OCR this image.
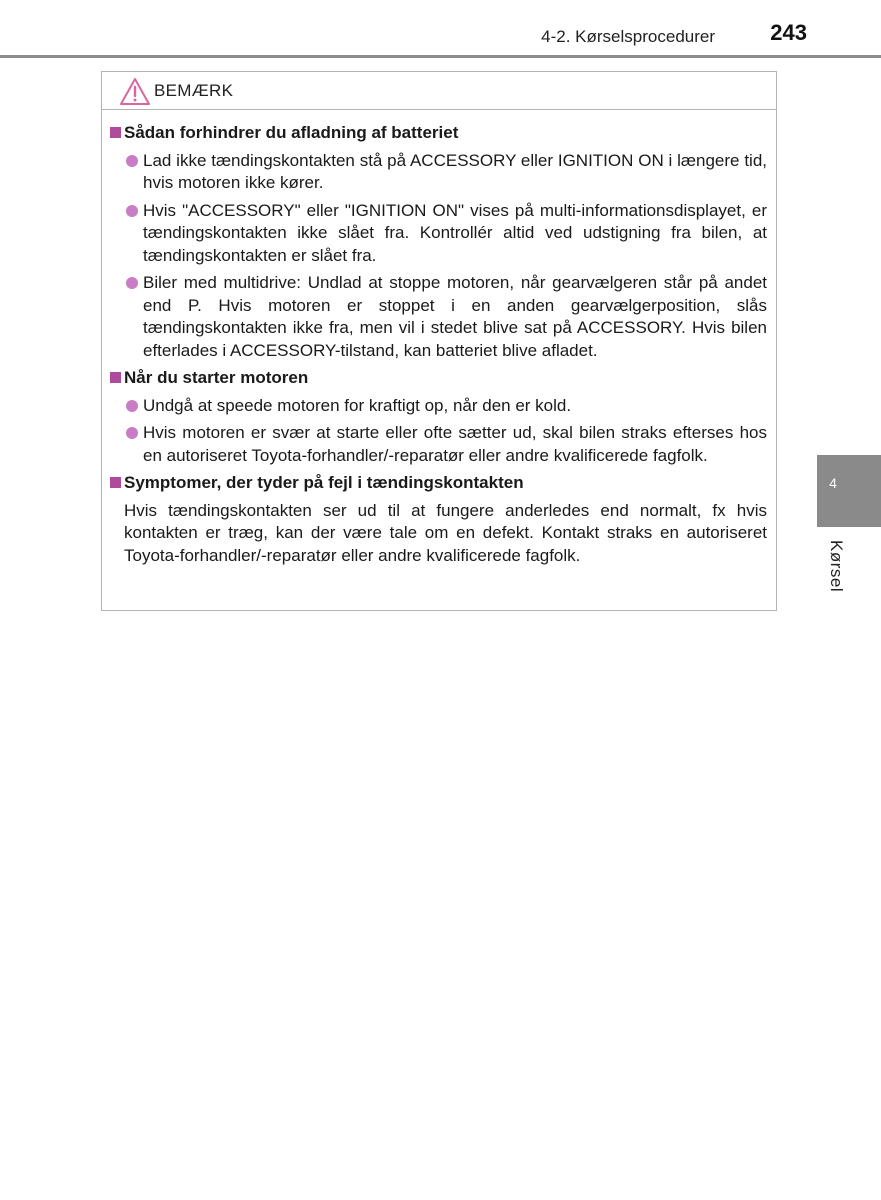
4-2. Kørselsprocedurer	243
BEMÆRK
Sådan forhindrer du afladning af batteriet
Lad ikke tændingskontakten stå på ACCESSORY eller IGNITION ON i længere tid, hvis motoren ikke kører.
Hvis "ACCESSORY" eller "IGNITION ON" vises på multi-informationsdisplayet, er tændingskontakten ikke slået fra. Kontrollér altid ved udstigning fra bilen, at tændingskontakten er slået fra.
Biler med multidrive: Undlad at stoppe motoren, når gearvælgeren står på andet end P. Hvis motoren er stoppet i en anden gearvælgerposition, slås tændingskontakten ikke fra, men vil i stedet blive sat på ACCESSORY. Hvis bilen efterlades i ACCESSORY-tilstand, kan batteriet blive afladet.
Når du starter motoren
Undgå at speede motoren for kraftigt op, når den er kold.
Hvis motoren er svær at starte eller ofte sætter ud, skal bilen straks efterses hos en autoriseret Toyota-forhandler/-reparatør eller andre kvalificerede fagfolk.
Symptomer, der tyder på fejl i tændingskontakten
Hvis tændingskontakten ser ud til at fungere anderledes end normalt, fx hvis kontakten er træg, kan der være tale om en defekt. Kontakt straks en autoriseret Toyota-forhandler/-reparatør eller andre kvalificerede fagfolk.
4
Kørsel
